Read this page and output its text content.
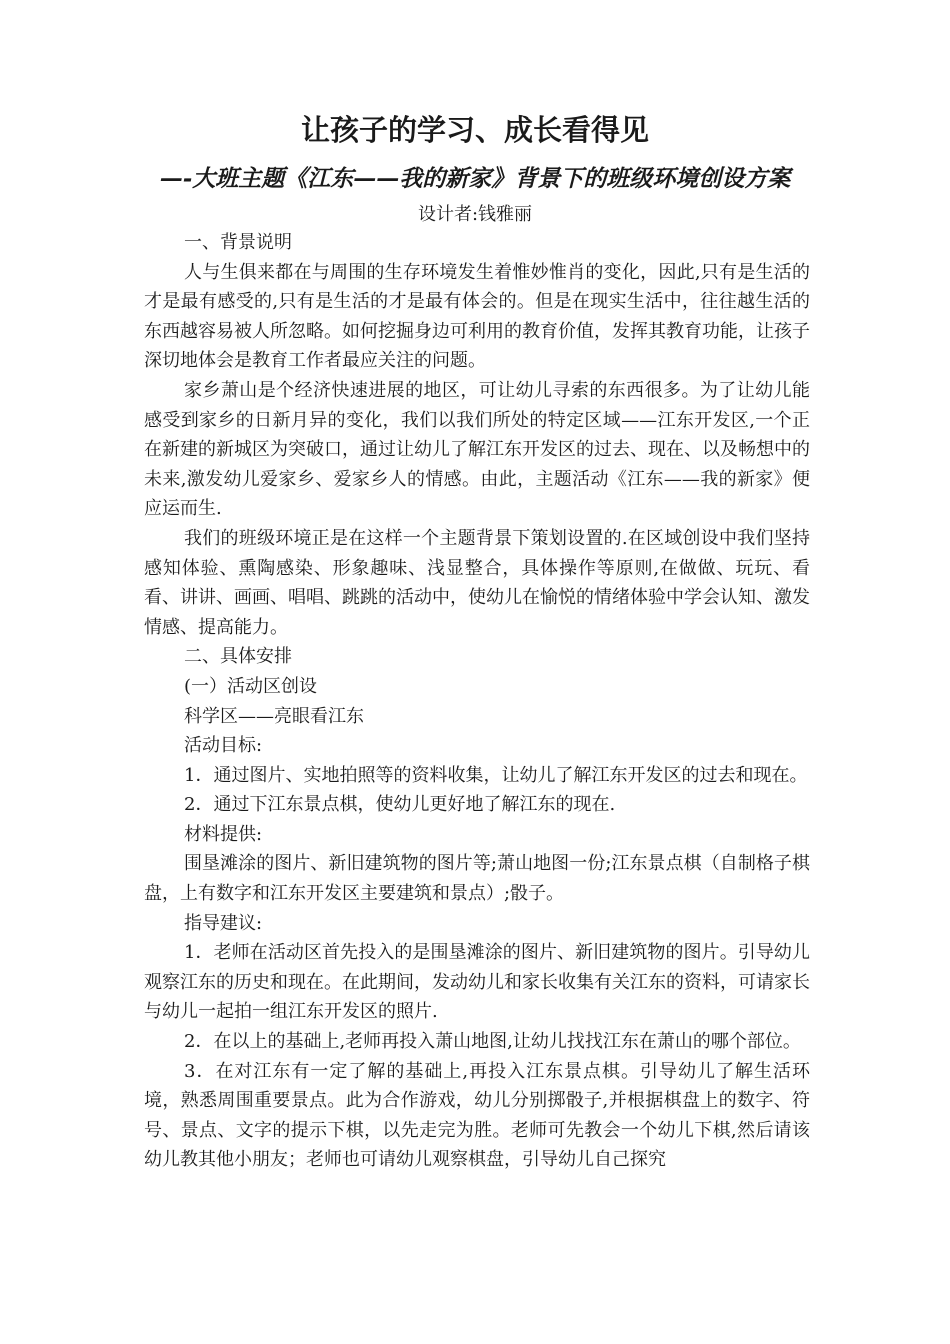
让孩子的学习、成长看得见
—-大班主题《江东——我的新家》背景下的班级环境创设方案
设计者:钱雅丽

一、背景说明

人与生俱来都在与周围的生存环境发生着惟妙惟肖的变化，因此,只有是生活的才是最有感受的,只有是生活的才是最有体会的。但是在现实生活中，往往越生活的东西越容易被人所忽略。如何挖掘身边可利用的教育价值，发挥其教育功能，让孩子深切地体会是教育工作者最应关注的问题。

家乡萧山是个经济快速进展的地区，可让幼儿寻索的东西很多。为了让幼儿能感受到家乡的日新月异的变化，我们以我们所处的特定区域——江东开发区,一个正在新建的新城区为突破口，通过让幼儿了解江东开发区的过去、现在、以及畅想中的未来,激发幼儿爱家乡、爱家乡人的情感。由此，主题活动《江东——我的新家》便应运而生.

我们的班级环境正是在这样一个主题背景下策划设置的.在区域创设中我们坚持感知体验、熏陶感染、形象趣味、浅显整合，具体操作等原则,在做做、玩玩、看看、讲讲、画画、唱唱、跳跳的活动中，使幼儿在愉悦的情绪体验中学会认知、激发情感、提高能力。

二、具体安排

(一）活动区创设

科学区——亮眼看江东

活动目标:

1．通过图片、实地拍照等的资料收集，让幼儿了解江东开发区的过去和现在。

2．通过下江东景点棋，使幼儿更好地了解江东的现在.

材料提供:

围垦滩涂的图片、新旧建筑物的图片等;萧山地图一份;江东景点棋（自制格子棋盘，上有数字和江东开发区主要建筑和景点）;骰子。

指导建议:

1．老师在活动区首先投入的是围垦滩涂的图片、新旧建筑物的图片。引导幼儿观察江东的历史和现在。在此期间，发动幼儿和家长收集有关江东的资料，可请家长与幼儿一起拍一组江东开发区的照片.

2．在以上的基础上,老师再投入萧山地图,让幼儿找找江东在萧山的哪个部位。

3．在对江东有一定了解的基础上,再投入江东景点棋。引导幼儿了解生活环境，熟悉周围重要景点。此为合作游戏，幼儿分别掷骰子,并根据棋盘上的数字、符号、景点、文字的提示下棋，以先走完为胜。老师可先教会一个幼儿下棋,然后请该幼儿教其他小朋友；老师也可请幼儿观察棋盘，引导幼儿自己探究
